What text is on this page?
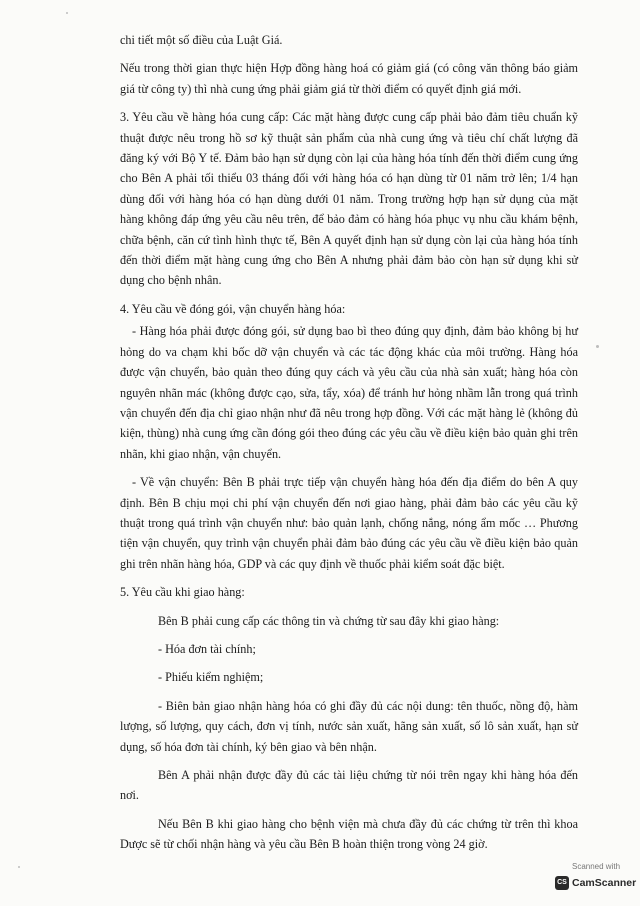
chi tiết một số điều của Luật Giá.

Nếu trong thời gian thực hiện Hợp đồng hàng hoá có giảm giá (có công văn thông báo giảm giá từ công ty) thì nhà cung ứng phải giảm giá từ thời điểm có quyết định giá mới.

3. Yêu cầu về hàng hóa cung cấp: Các mặt hàng được cung cấp phải bảo đảm tiêu chuẩn kỹ thuật được nêu trong hồ sơ kỹ thuật sản phẩm của nhà cung ứng và tiêu chí chất lượng đã đăng ký với Bộ Y tế. Đảm bảo hạn sử dụng còn lại của hàng hóa tính đến thời điểm cung ứng cho Bên A phải tối thiểu 03 tháng đối với hàng hóa có hạn dùng từ 01 năm trở lên; 1/4 hạn dùng đối với hàng hóa có hạn dùng dưới 01 năm. Trong trường hợp hạn sử dụng của mặt hàng không đáp ứng yêu cầu nêu trên, để bảo đảm có hàng hóa phục vụ nhu cầu khám bệnh, chữa bệnh, căn cứ tình hình thực tế, Bên A quyết định hạn sử dụng còn lại của hàng hóa tính đến thời điểm mặt hàng cung ứng cho Bên A nhưng phải đảm bảo còn hạn sử dụng khi sử dụng cho bệnh nhân.

4. Yêu cầu về đóng gói, vận chuyển hàng hóa:

- Hàng hóa phải được đóng gói, sử dụng bao bì theo đúng quy định, đảm bảo không bị hư hỏng do va chạm khi bốc dỡ vận chuyển và các tác động khác của môi trường. Hàng hóa được vận chuyển, bảo quản theo đúng quy cách và yêu cầu của nhà sản xuất; hàng hóa còn nguyên nhãn mác (không được cạo, sửa, tẩy, xóa) để tránh hư hỏng nhầm lẫn trong quá trình vận chuyển đến địa chỉ giao nhận như đã nêu trong hợp đồng. Với các mặt hàng lẻ (không đủ kiện, thùng) nhà cung ứng cần đóng gói theo đúng các yêu cầu về điều kiện bảo quản ghi trên nhãn, khi giao nhận, vận chuyển.

- Về vận chuyển: Bên B phải trực tiếp vận chuyển hàng hóa đến địa điểm do bên A quy định. Bên B chịu mọi chi phí vận chuyển đến nơi giao hàng, phải đảm bảo các yêu cầu kỹ thuật trong quá trình vận chuyển như: bảo quản lạnh, chống nắng, nóng ẩm mốc … Phương tiện vận chuyển, quy trình vận chuyển phải đảm bảo đúng các yêu cầu về điều kiện bảo quản ghi trên nhãn hàng hóa, GDP và các quy định về thuốc phải kiểm soát đặc biệt.

5. Yêu cầu khi giao hàng:

Bên B phải cung cấp các thông tin và chứng từ sau đây khi giao hàng:

- Hóa đơn tài chính;

- Phiếu kiểm nghiệm;

- Biên bản giao nhận hàng hóa có ghi đầy đủ các nội dung: tên thuốc, nồng độ, hàm lượng, số lượng, quy cách, đơn vị tính, nước sản xuất, hãng sản xuất, số lô sản xuất, hạn sử dụng, số hóa đơn tài chính, ký bên giao và bên nhận.

Bên A phải nhận được đầy đủ các tài liệu chứng từ nói trên ngay khi hàng hóa đến nơi.

Nếu Bên B khi giao hàng cho bệnh viện mà chưa đầy đủ các chứng từ trên thì khoa Dược sẽ từ chối nhận hàng và yêu cầu Bên B hoàn thiện trong vòng 24 giờ.

Scanned with
CS CamScanner
